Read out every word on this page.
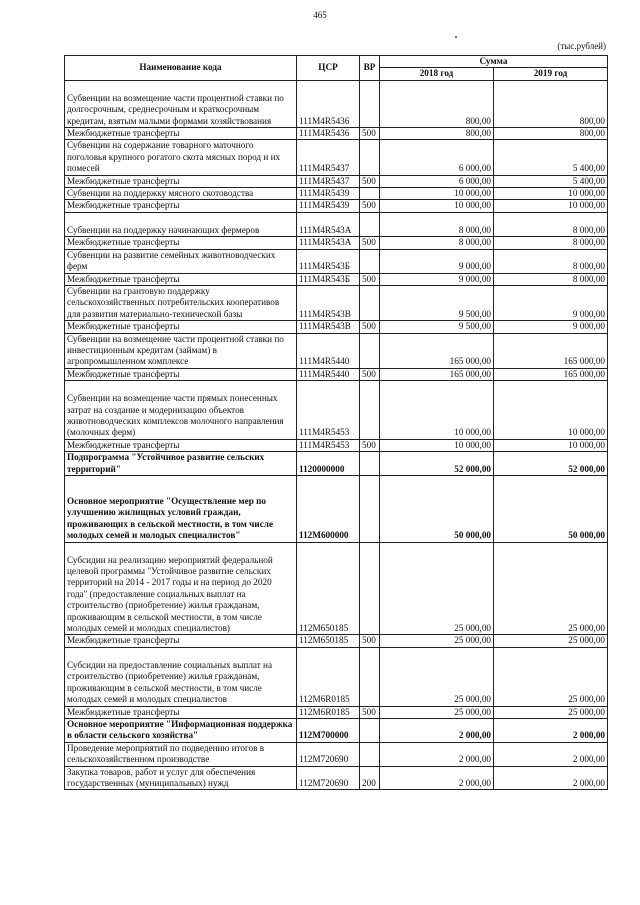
465
(тыс.рублей)
Наименование кода	ЦСР	ВР	Сумма	
			2018 год	2019 год
Субвенции на возмещение части процентной ставки по долгосрочным, среднесрочным и краткосрочным кредитам, взятым малыми формами хозяйствования	111М4R5436		800,00	800,00
Межбюджетные трансферты	111М4R5436	500	800,00	800,00
Субвенции на содержание товарного маточного поголовья крупного рогатого скота мясных пород и их помесей	111М4R5437		6 000,00	5 400,00
Межбюджетные трансферты	111М4R5437	500	6 000,00	5 400,00
Субвенции на поддержку мясного скотоводства	111М4R5439		10 000,00	10 000,00
Межбюджетные трансферты	111М4R5439	500	10 000,00	10 000,00
Субвенции на поддержку начинающих фермеров	111М4R543А		8 000,00	8 000,00
Межбюджетные трансферты	111М4R543А	500	8 000,00	8 000,00
Субвенции на развитие семейных животноводческих ферм	111М4R543Б		9 000,00	8 000,00
Межбюджетные трансферты	111М4R543Б	500	9 000,00	8 000,00
Субвенции на грантовую поддержку сельскохозяйственных потребительских кооперативов для развития материально-технической базы	111М4R543В		9 500,00	9 000,00
Межбюджетные трансферты	111М4R543В	500	9 500,00	9 000,00
Субвенции на возмещение части процентной ставки по инвестиционным кредитам (займам) в агропромышленном комплексе	111М4R5440		165 000,00	165 000,00
Межбюджетные трансферты	111М4R5440	500	165 000,00	165 000,00
Субвенции на возмещение части прямых понесенных затрат на создание и модернизацию объектов животноводческих комплексов молочного направления (молочных ферм)	111М4R5453		10 000,00	10 000,00
Межбюджетные трансферты	111М4R5453	500	10 000,00	10 000,00
Подпрограмма "Устойчивое развитие сельских территорий"	1120000000		52 000,00	52 000,00
Основное мероприятие "Осуществление мер по улучшению жилищных условий граждан, проживающих в сельской местности, в том числе молодых семей и молодых специалистов"	112М600000		50 000,00	50 000,00
Субсидии на реализацию мероприятий федеральной целевой программы "Устойчивое развитие сельских территорий на 2014 - 2017 годы и на период до 2020 года" (предоставление социальных выплат на строительство (приобретение) жилья гражданам, проживающим в сельской местности, в том числе молодых семей и молодых специалистов)	112М650185		25 000,00	25 000,00
Межбюджетные трансферты	112М650185	500	25 000,00	25 000,00
Субсидии на предоставление социальных выплат на строительство (приобретение) жилья гражданам, проживающим в сельской местности, в том числе молодых семей и молодых специалистов	112М6R0185		25 000,00	25 000,00
Межбюджетные трансферты	112М6R0185	500	25 000,00	25 000,00
Основное мероприятие "Информационная поддержка в области сельского хозяйства"	112М700000		2 000,00	2 000,00
Проведение мероприятий по подведению итогов в сельскохозяйственном производстве	112М720690		2 000,00	2 000,00
Закупка товаров, работ и услуг для обеспечения государственных (муниципальных) нужд	112М720690	200	2 000,00	2 000,00
